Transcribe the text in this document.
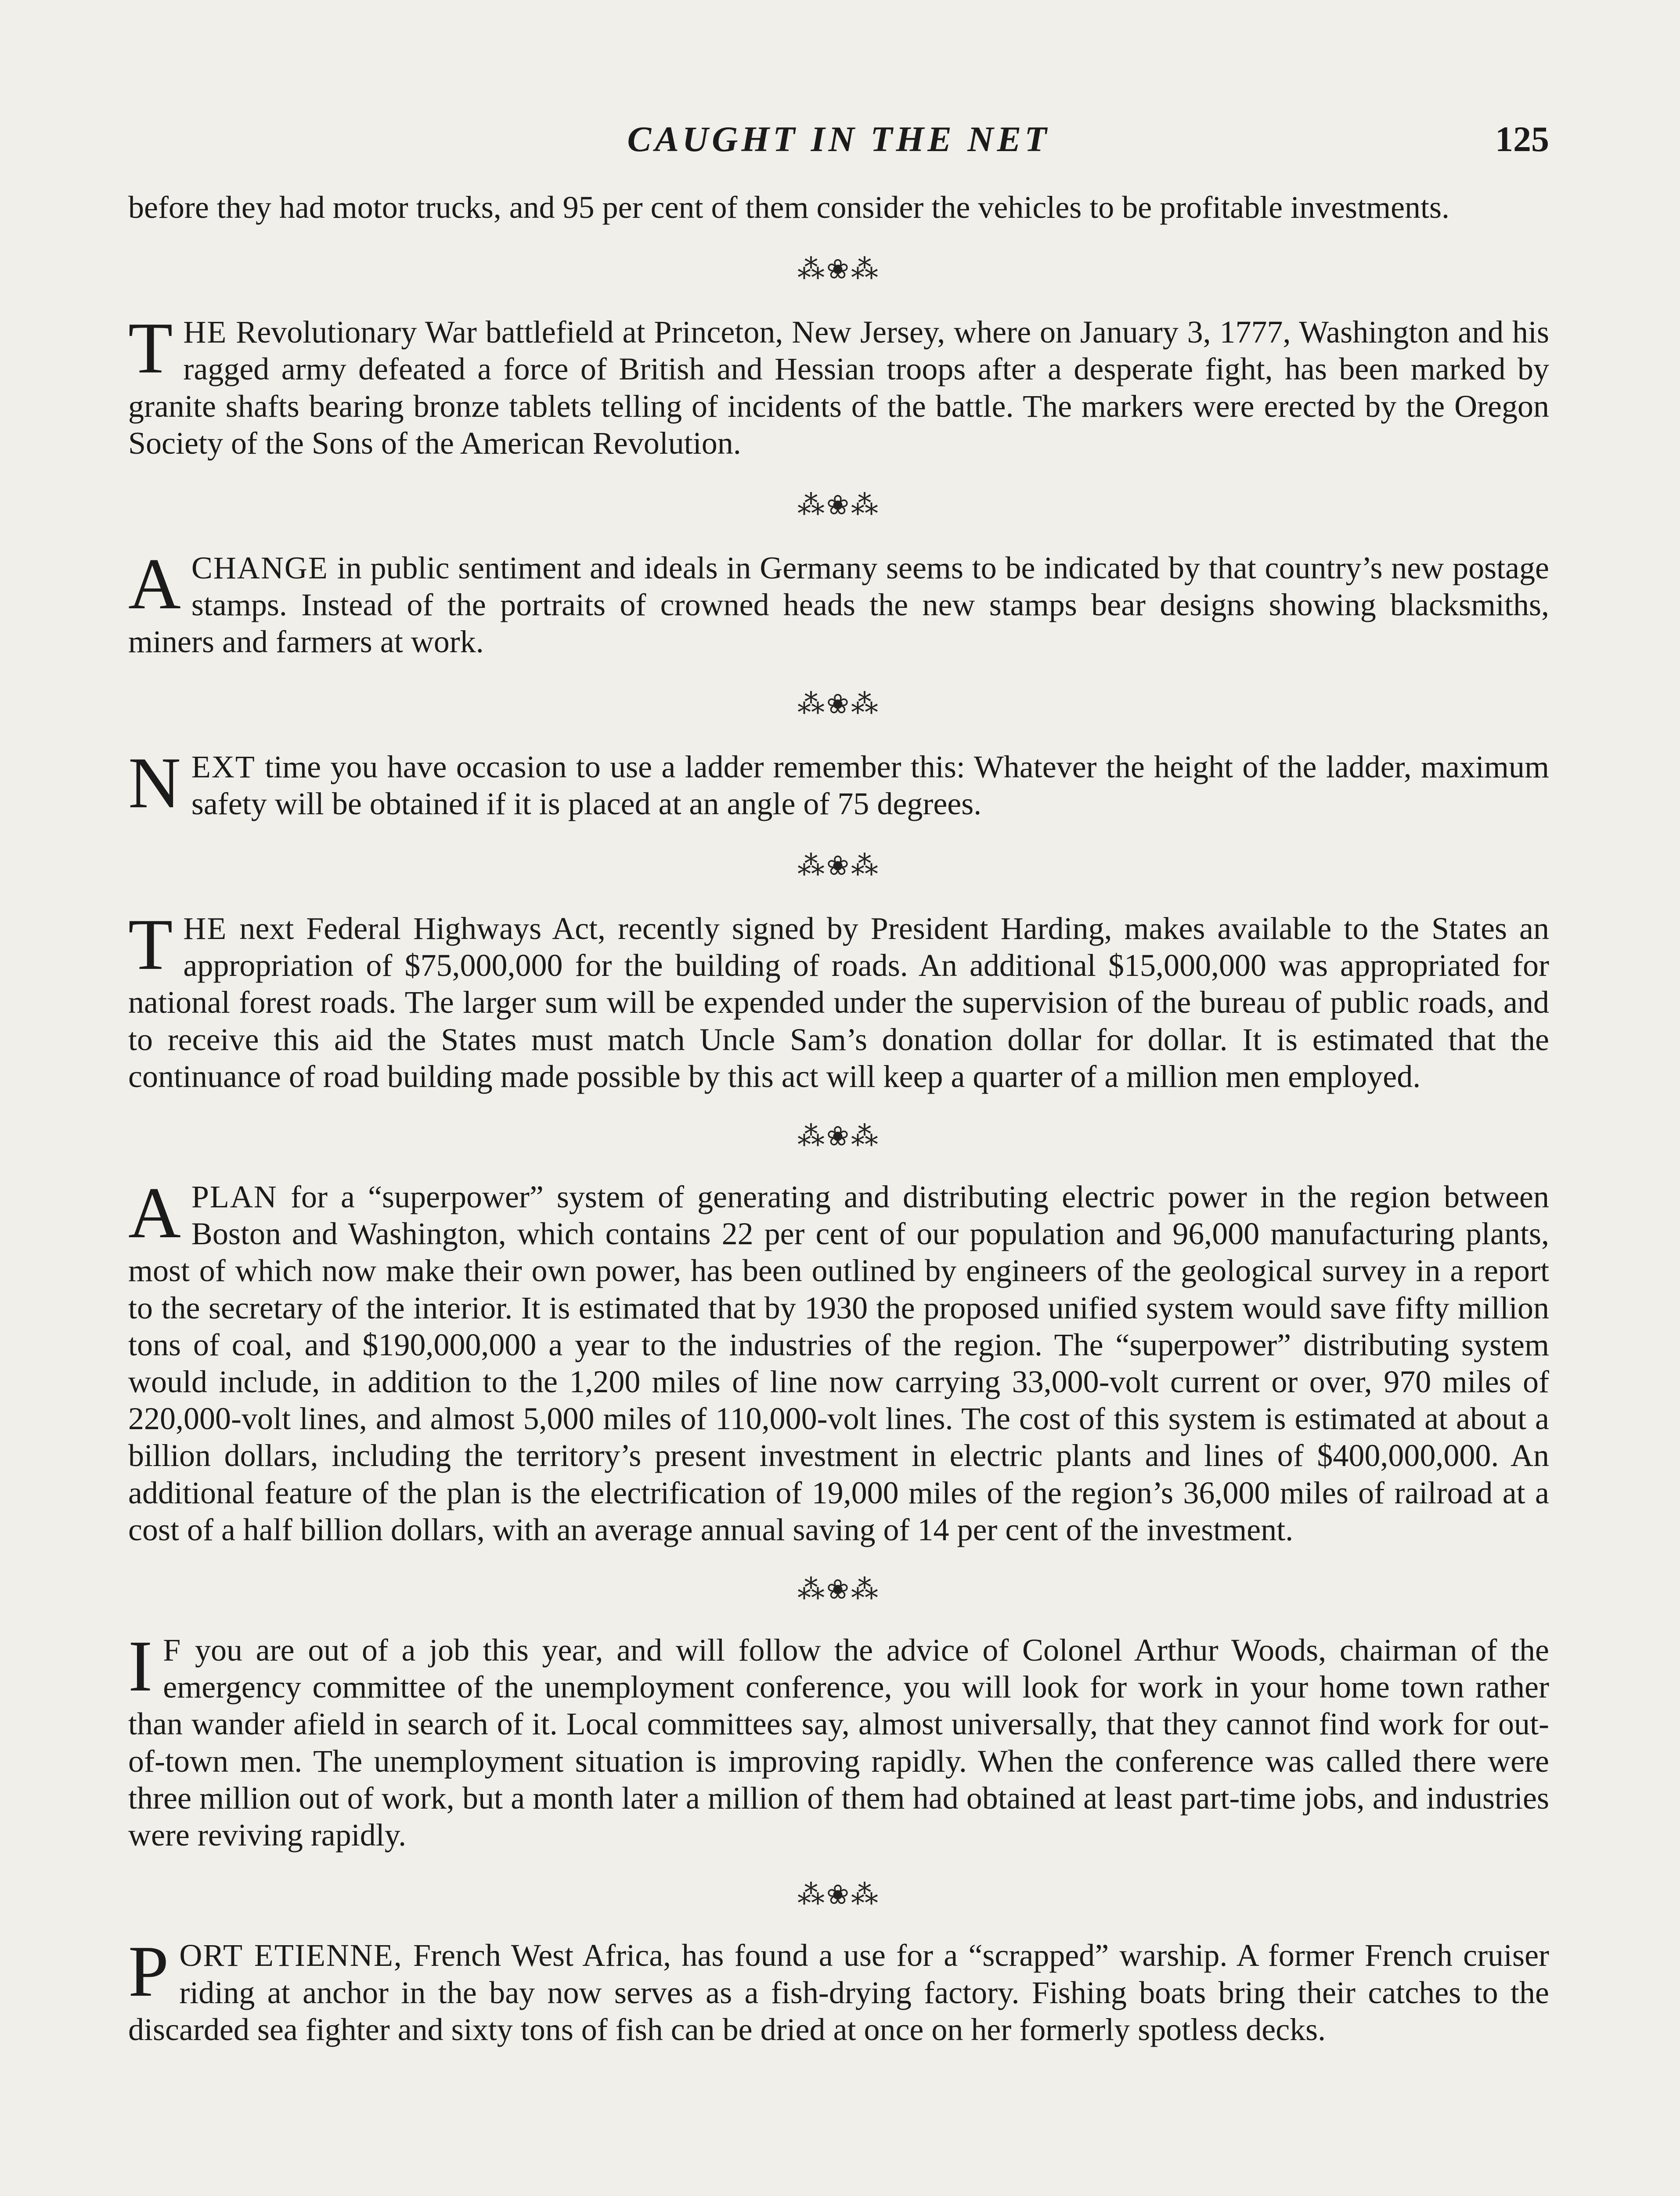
CAUGHT IN THE NET	125

before they had motor trucks, and 95 per cent of them consider the vehicles to be profitable investments.

⁂❀⁂

THE Revolutionary War battlefield at Princeton, New Jersey, where on January 3, 1777, Washington and his ragged army defeated a force of British and Hessian troops after a desperate fight, has been marked by granite shafts bearing bronze tablets telling of incidents of the battle. The markers were erected by the Oregon Society of the Sons of the American Revolution.

⁂❀⁂

ACHANGE in public sentiment and ideals in Germany seems to be indicated by that country’s new postage stamps. Instead of the portraits of crowned heads the new stamps bear designs showing blacksmiths, miners and farmers at work.

⁂❀⁂

NEXT time you have occasion to use a ladder remember this: Whatever the height of the ladder, maximum safety will be obtained if it is placed at an angle of 75 degrees.

⁂❀⁂

THE next Federal Highways Act, recently signed by President Harding, makes available to the States an appropriation of $75,000,000 for the building of roads. An additional $15,000,000 was appropriated for national forest roads. The larger sum will be expended under the supervision of the bureau of public roads, and to receive this aid the States must match Uncle Sam’s donation dollar for dollar. It is estimated that the continuance of road building made possible by this act will keep a quarter of a million men employed.

⁂❀⁂

APLAN for a “superpower” system of generating and distributing electric power in the region between Boston and Washington, which contains 22 per cent of our population and 96,000 manufacturing plants, most of which now make their own power, has been outlined by engineers of the geological survey in a report to the secretary of the interior. It is estimated that by 1930 the proposed unified system would save fifty million tons of coal, and $190,000,000 a year to the industries of the region. The “superpower” distributing system would include, in addition to the 1,200 miles of line now carrying 33,000-volt current or over, 970 miles of 220,000-volt lines, and almost 5,000 miles of 110,000-volt lines. The cost of this system is estimated at about a billion dollars, including the territory’s present investment in electric plants and lines of $400,000,000. An additional feature of the plan is the electrification of 19,000 miles of the region’s 36,000 miles of railroad at a cost of a half billion dollars, with an average annual saving of 14 per cent of the investment.

⁂❀⁂

I F you are out of a job this year, and will follow the advice of Colonel Arthur Woods, chairman of the emergency committee of the unemployment conference, you will look for work in your home town rather than wander afield in search of it. Local committees say, almost universally, that they cannot find work for out-of-town men. The unemployment situation is improving rapidly. When the conference was called there were three million out of work, but a month later a million of them had obtained at least part-time jobs, and industries were reviving rapidly.

⁂❀⁂

PORT ETIENNE, French West Africa, has found a use for a “scrapped” warship. A former French cruiser riding at anchor in the bay now serves as a fish-drying factory. Fishing boats bring their catches to the discarded sea fighter and sixty tons of fish can be dried at once on her formerly spotless decks.
